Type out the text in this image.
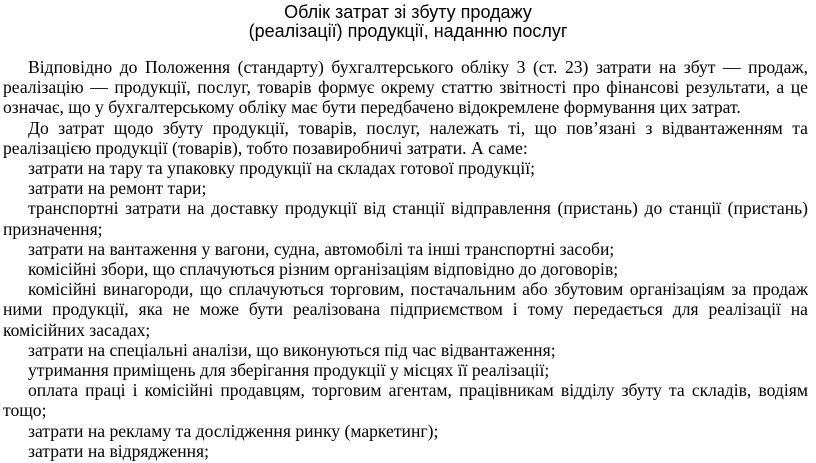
Облік затрат зі збуту продажу
(реалізації) продукції, наданню послуг

Відповідно до Положення (стандарту) бухгалтерського обліку 3 (ст. 23) затрати на збут — продаж, реалізацію — продукції, послуг, товарів формує окрему статтю звітності про фінансові результати, а це означає, що у бухгалтерському обліку має бути передбачено відокремлене формування цих затрат.

До затрат щодо збуту продукції, товарів, послуг, належать ті, що пов’язані з відвантаженням та реалізацією продукції (товарів), тобто позавиробничі затрати. А саме:

затрати на тару та упаковку продукції на складах готової продукції;

затрати на ремонт тари;

транспортні затрати на доставку продукції від станції відправлення (пристань) до станції (пристань) призначення;

затрати на вантаження у вагони, судна, автомобілі та інші транспортні засоби;

комісійні збори, що сплачуються різним організаціям відповідно до договорів;

комісійні винагороди, що сплачуються торговим, постачальним або збутовим організаціям за продаж ними продукції, яка не може бути реалізована підприємством і тому передається для реалізації на комісійних засадах;

затрати на спеціальні аналізи, що виконуються під час відвантаження;

утримання приміщень для зберігання продукції у місцях її реалізації;

оплата праці і комісійні продавцям, торговим агентам, працівникам відділу збуту та складів, водіям тощо;

затрати на рекламу та дослідження ринку (маркетинг);

затрати на відрядження;
